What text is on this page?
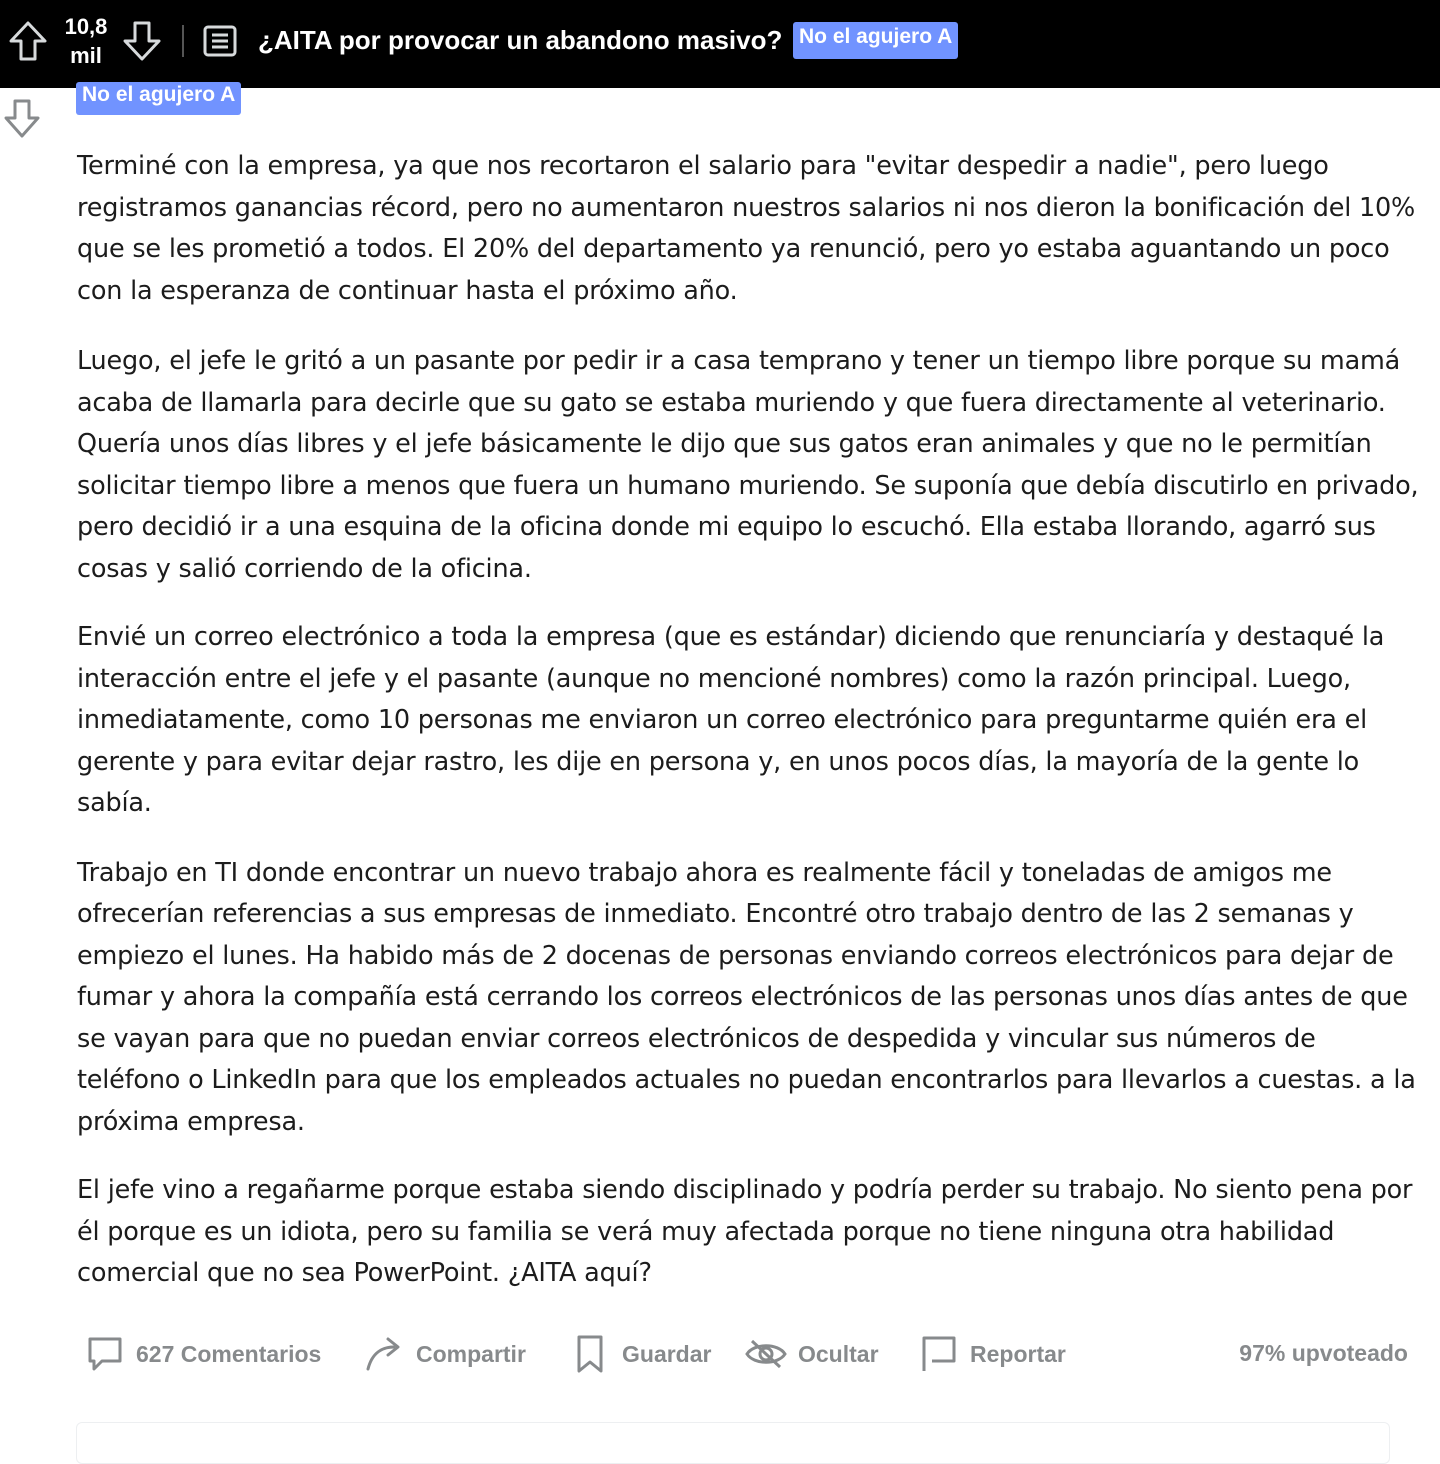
10,8
mil
¿AITA por provocar un abandono masivo? No el agujero A
No el agujero A

Terminé con la empresa, ya que nos recortaron el salario para "evitar despedir a nadie", pero luego registramos ganancias récord, pero no aumentaron nuestros salarios ni nos dieron la bonificación del 10% que se les prometió a todos. El 20% del departamento ya renunció, pero yo estaba aguantando un poco con la esperanza de continuar hasta el próximo año.

Luego, el jefe le gritó a un pasante por pedir ir a casa temprano y tener un tiempo libre porque su mamá acaba de llamarla para decirle que su gato se estaba muriendo y que fuera directamente al veterinario. Quería unos días libres y el jefe básicamente le dijo que sus gatos eran animales y que no le permitían solicitar tiempo libre a menos que fuera un humano muriendo. Se suponía que debía discutirlo en privado, pero decidió ir a una esquina de la oficina donde mi equipo lo escuchó. Ella estaba llorando, agarró sus cosas y salió corriendo de la oficina.

Envié un correo electrónico a toda la empresa (que es estándar) diciendo que renunciaría y destaqué la interacción entre el jefe y el pasante (aunque no mencioné nombres) como la razón principal. Luego, inmediatamente, como 10 personas me enviaron un correo electrónico para preguntarme quién era el gerente y para evitar dejar rastro, les dije en persona y, en unos pocos días, la mayoría de la gente lo sabía.

Trabajo en TI donde encontrar un nuevo trabajo ahora es realmente fácil y toneladas de amigos me ofrecerían referencias a sus empresas de inmediato. Encontré otro trabajo dentro de las 2 semanas y empiezo el lunes. Ha habido más de 2 docenas de personas enviando correos electrónicos para dejar de fumar y ahora la compañía está cerrando los correos electrónicos de las personas unos días antes de que se vayan para que no puedan enviar correos electrónicos de despedida y vincular sus números de teléfono o LinkedIn para que los empleados actuales no puedan encontrarlos para llevarlos a cuestas. a la próxima empresa.

El jefe vino a regañarme porque estaba siendo disciplinado y podría perder su trabajo. No siento pena por él porque es un idiota, pero su familia se verá muy afectada porque no tiene ninguna otra habilidad comercial que no sea PowerPoint. ¿AITA aquí?

627 Comentarios	Compartir	Guardar	Ocultar	Reportar	97% upvoteado
